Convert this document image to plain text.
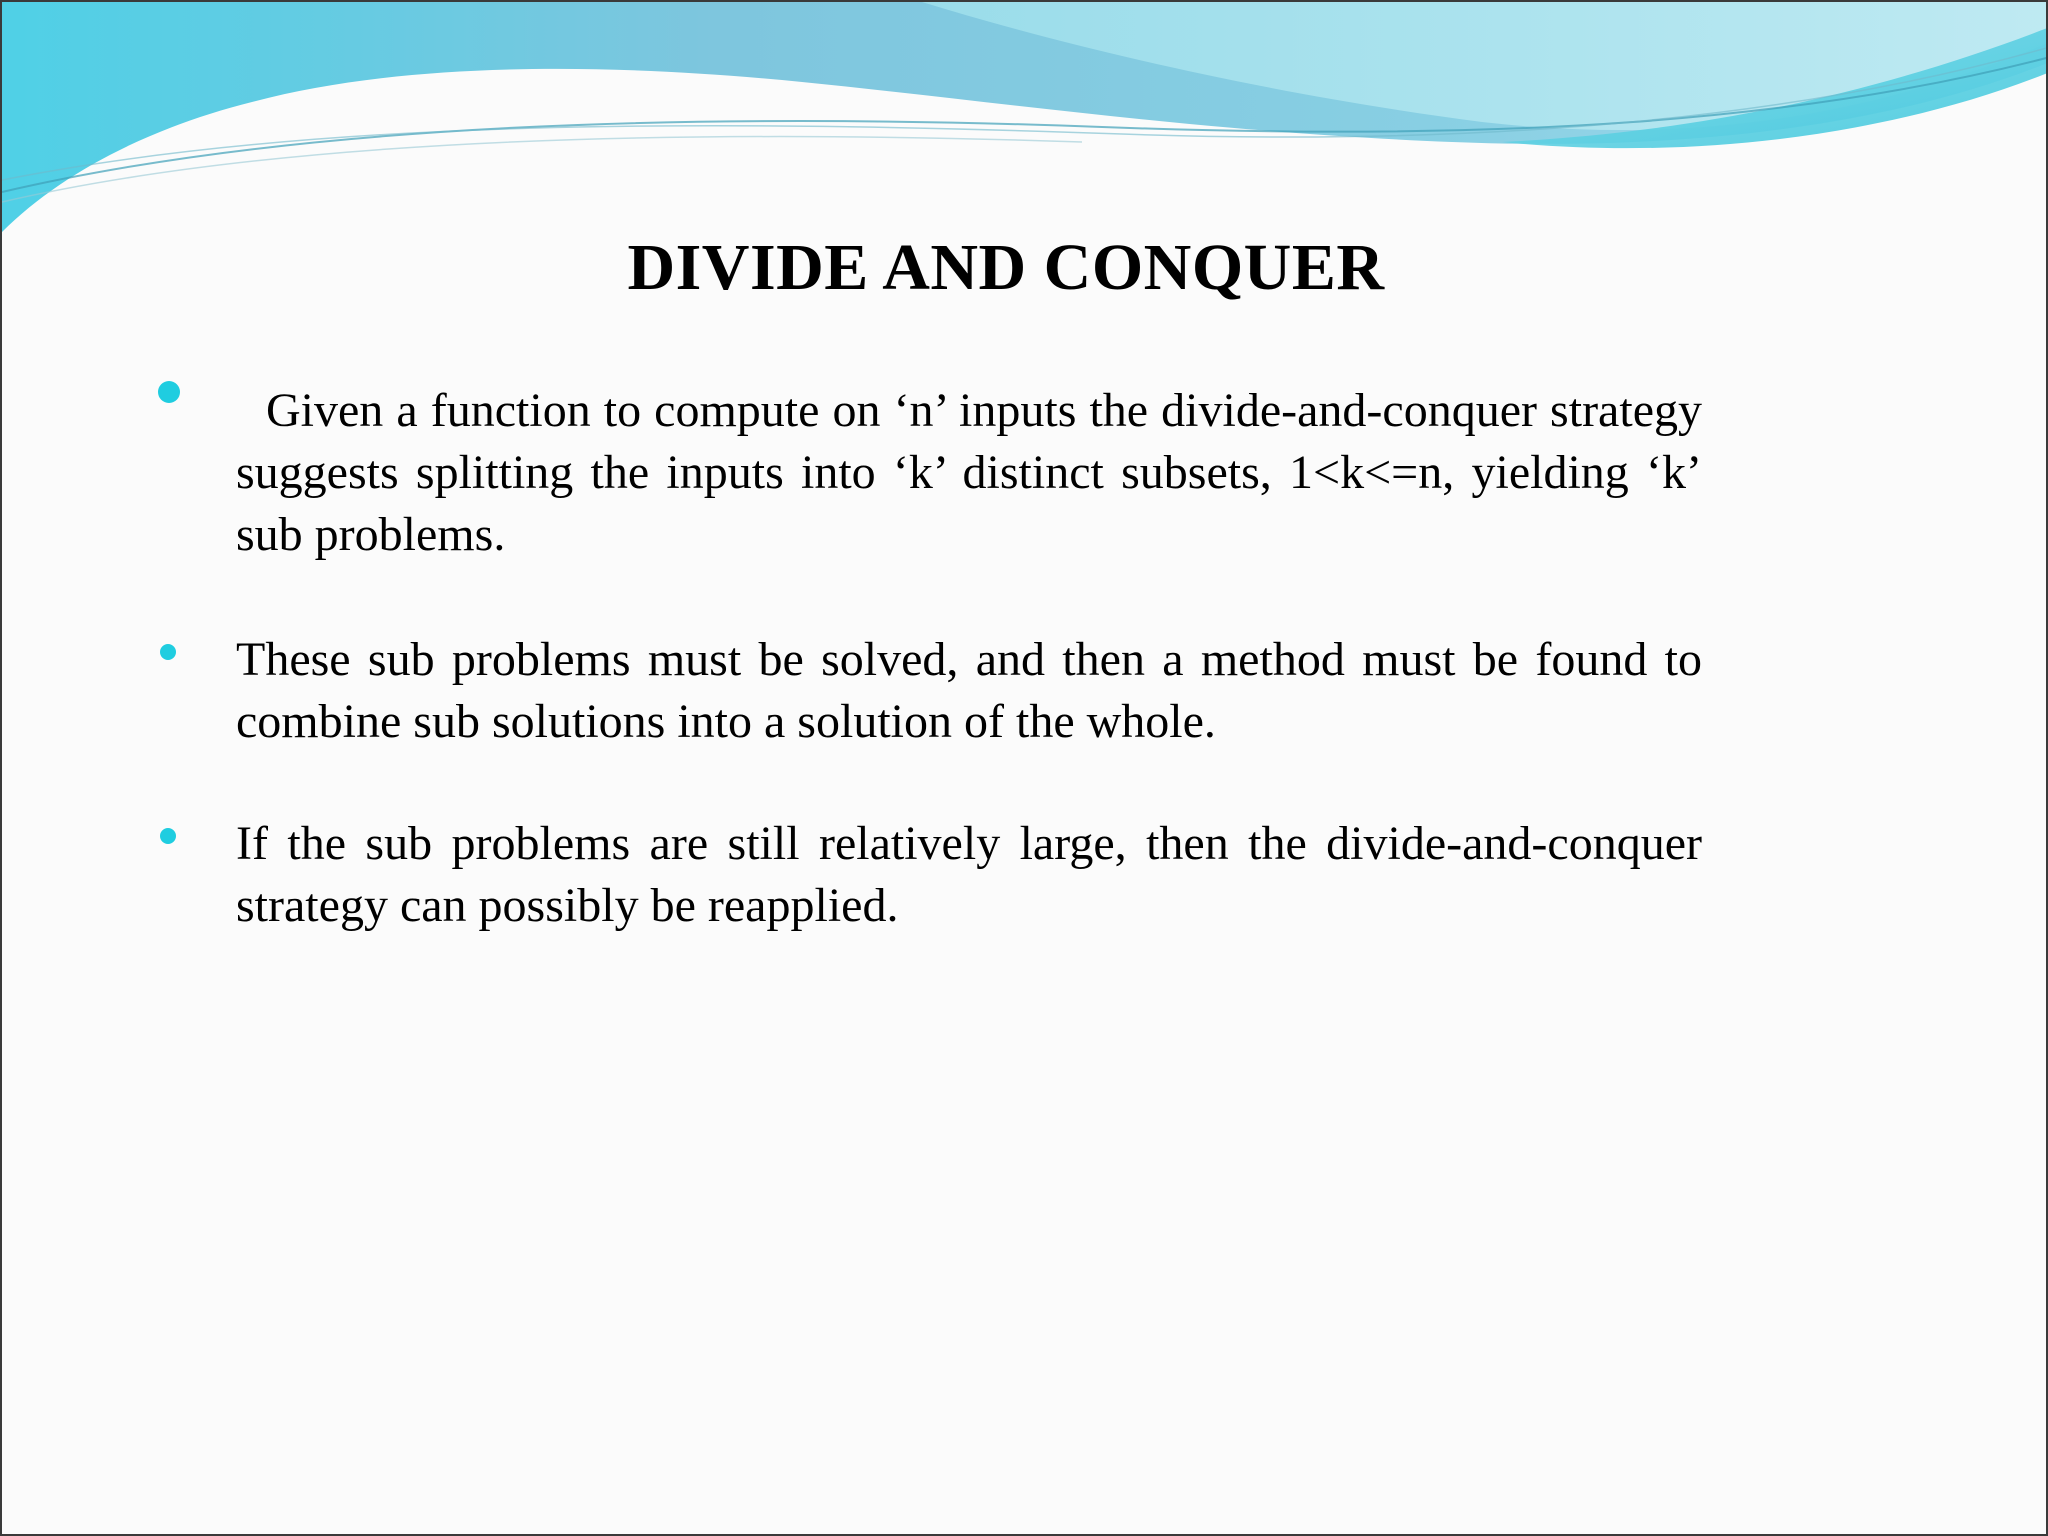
DIVIDE AND CONQUER

Given a function to compute on ‘n’ inputs the divide-and-conquer strategy suggests splitting the inputs into ‘k’ distinct subsets, 1<k<=n, yielding ‘k’ sub problems.

These sub problems must be solved, and then a method must be found to combine sub solutions into a solution of the whole.

If the sub problems are still relatively large, then the divide-and-conquer strategy can possibly be reapplied.
